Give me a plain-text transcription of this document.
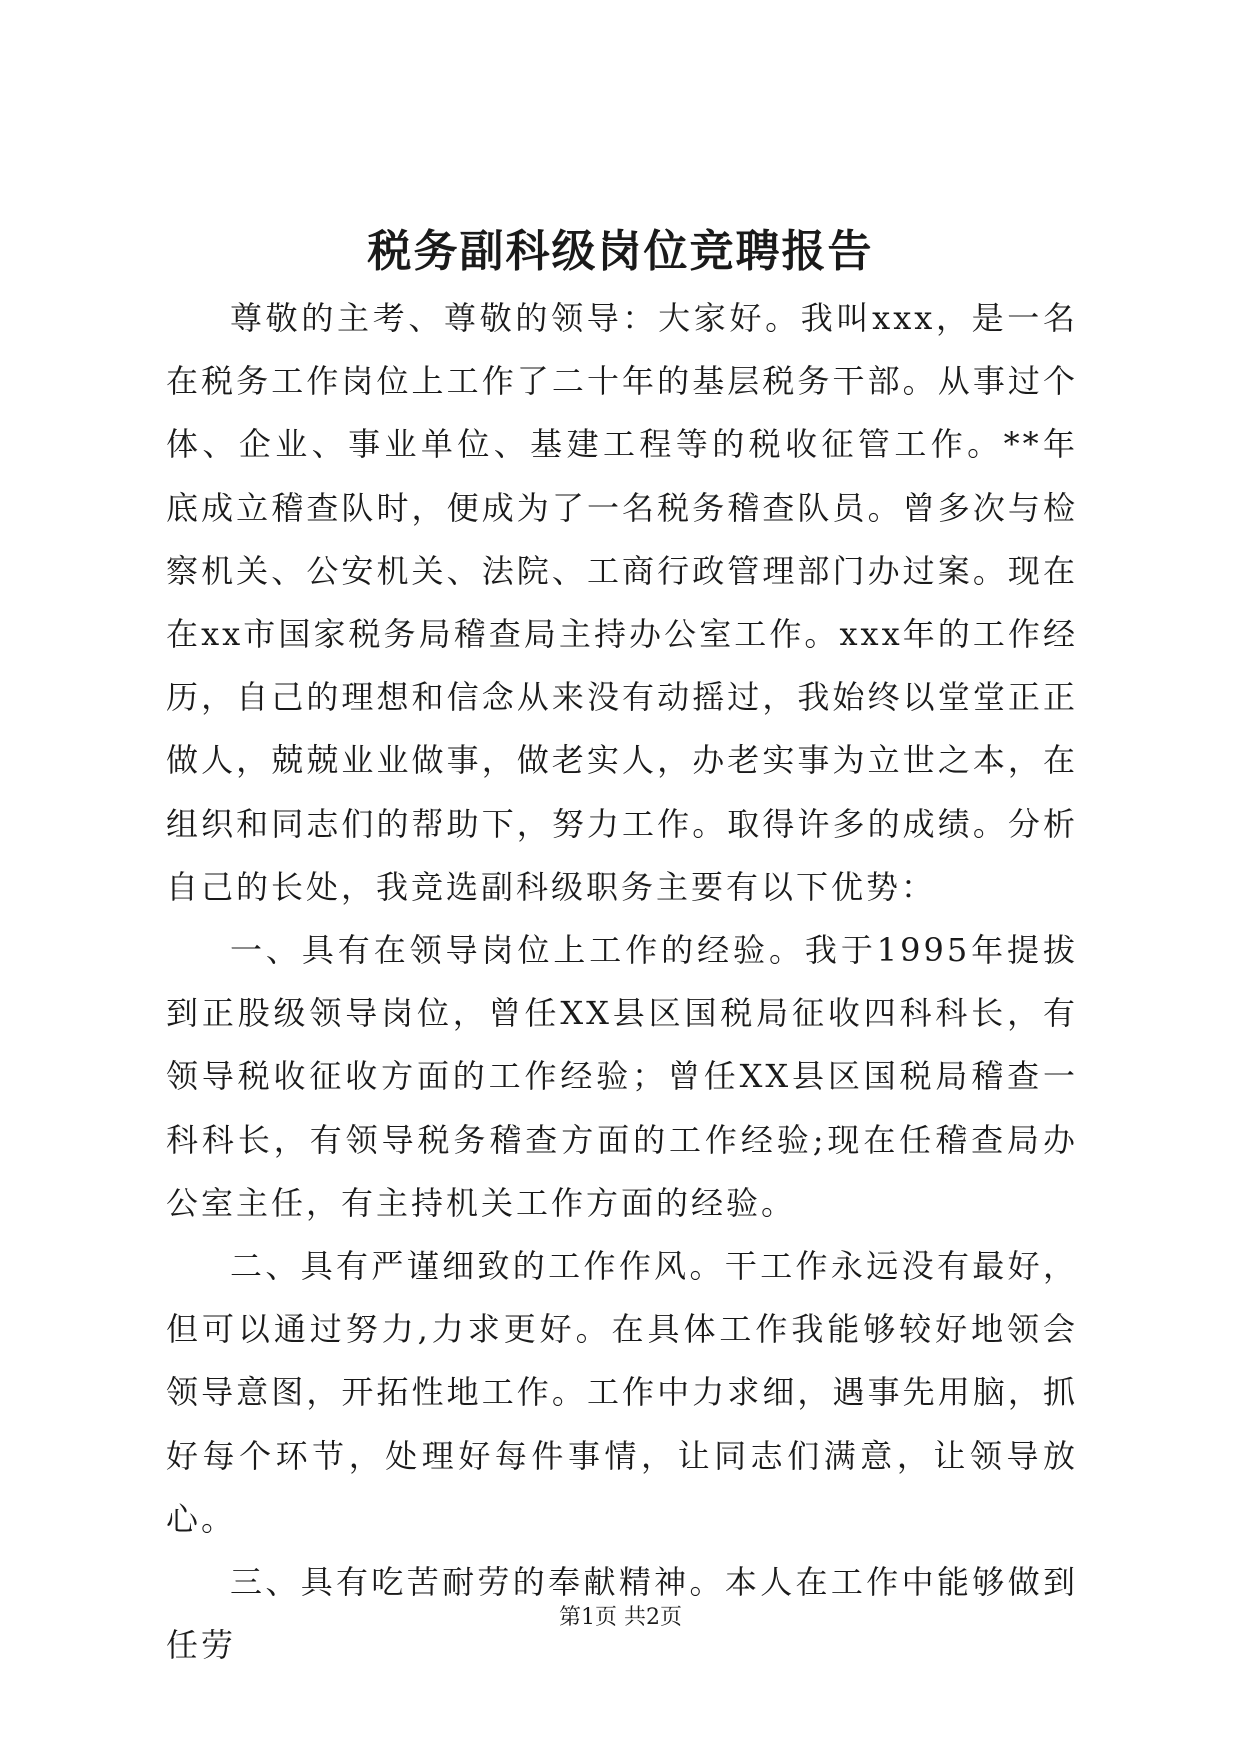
税务副科级岗位竞聘报告

尊敬的主考、尊敬的领导：大家好。我叫xxx，是一名在税务工作岗位上工作了二十年的基层税务干部。从事过个体、企业、事业单位、基建工程等的税收征管工作。**年底成立稽查队时，便成为了一名税务稽查队员。曾多次与检察机关、公安机关、法院、工商行政管理部门办过案。现在在xx市国家税务局稽查局主持办公室工作。xxx年的工作经历，自己的理想和信念从来没有动摇过，我始终以堂堂正正做人，兢兢业业做事，做老实人，办老实事为立世之本，在组织和同志们的帮助下，努力工作。取得许多的成绩。分析自己的长处，我竞选副科级职务主要有以下优势：

一、具有在领导岗位上工作的经验。我于1995年提拔到正股级领导岗位，曾任XX县区国税局征收四科科长，有领导税收征收方面的工作经验；曾任XX县区国税局稽查一科科长，有领导税务稽查方面的工作经验;现在任稽查局办公室主任，有主持机关工作方面的经验。

二、具有严谨细致的工作作风。干工作永远没有最好，但可以通过努力,力求更好。在具体工作我能够较好地领会领导意图，开拓性地工作。工作中力求细，遇事先用脑，抓好每个环节，处理好每件事情，让同志们满意，让领导放心。

三、具有吃苦耐劳的奉献精神。本人在工作中能够做到任劳

第1页 共2页
